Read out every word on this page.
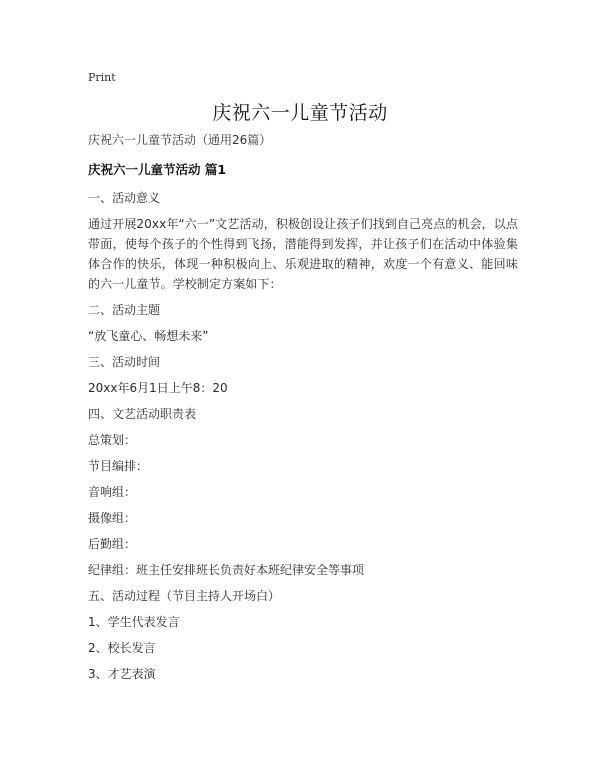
Print
庆祝六一儿童节活动
庆祝六一儿童节活动（通用26篇）
庆祝六一儿童节活动 篇1

一、活动意义

通过开展20xx年“六一”文艺活动，积极创设让孩子们找到自己亮点的机会，以点带面，使每个孩子的个性得到飞扬，潜能得到发挥，并让孩子们在活动中体验集体合作的快乐，体现一种积极向上、乐观进取的精神，欢度一个有意义、能回味的六一儿童节。学校制定方案如下：

二、活动主题

“放飞童心、畅想未来”

三、活动时间

20xx年6月1日上午8：20

四、文艺活动职责表

总策划：

节目编排：

音响组：

摄像组：

后勤组：

纪律组：班主任安排班长负责好本班纪律安全等事项

五、活动过程（节目主持人开场白）

1、学生代表发言

2、校长发言

3、才艺表演
